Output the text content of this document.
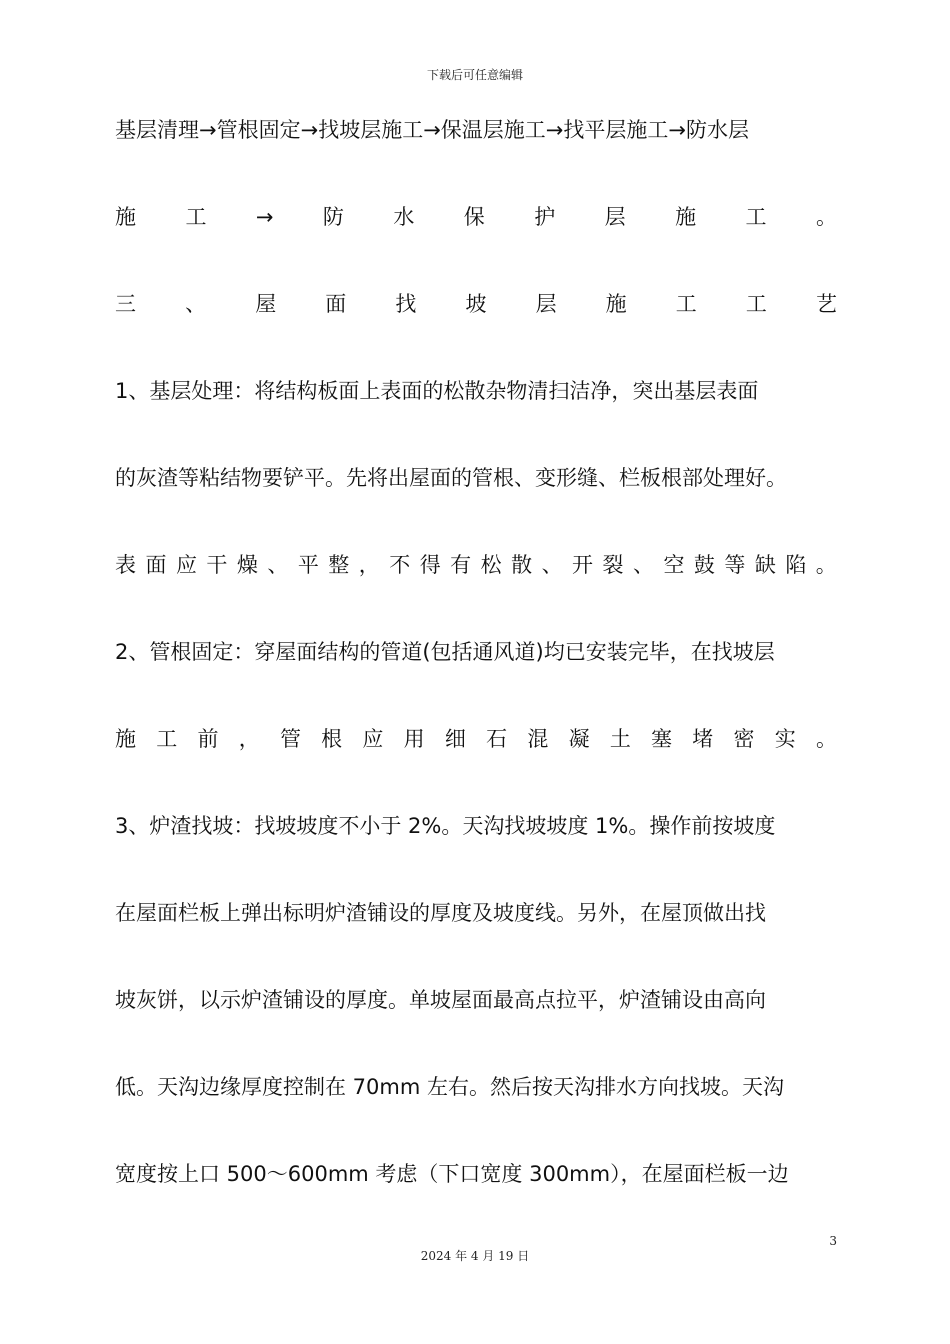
下载后可任意编辑
基层清理→管根固定→找坡层施工→保温层施工→找平层施工→防水层
施 工 → 防 水 保 护 层 施 工 。
三 、 屋 面 找 坡 层 施 工 工 艺
1、基层处理：将结构板面上表面的松散杂物清扫洁净，突出基层表面
的灰渣等粘结物要铲平。先将出屋面的管根、变形缝、栏板根部处理好。
表 面 应 干 燥 、 平 整 ， 不 得 有 松 散 、 开 裂 、 空 鼓 等 缺 陷 。
2、管根固定：穿屋面结构的管道(包括通风道)均已安装完毕，在找坡层
施 工 前 ， 管 根 应 用 细 石 混 凝 土 塞 堵 密 实 。
3、炉渣找坡：找坡坡度不小于 2%。天沟找坡坡度 1%。操作前按坡度
在屋面栏板上弹出标明炉渣铺设的厚度及坡度线。另外，在屋顶做出找
坡灰饼，以示炉渣铺设的厚度。单坡屋面最高点拉平，炉渣铺设由高向
低。天沟边缘厚度控制在 70mm 左右。然后按天沟排水方向找坡。天沟
宽度按上口 500～600mm 考虑（下口宽度 300mm），在屋面栏板一边
3
2024 年 4 月 19 日
